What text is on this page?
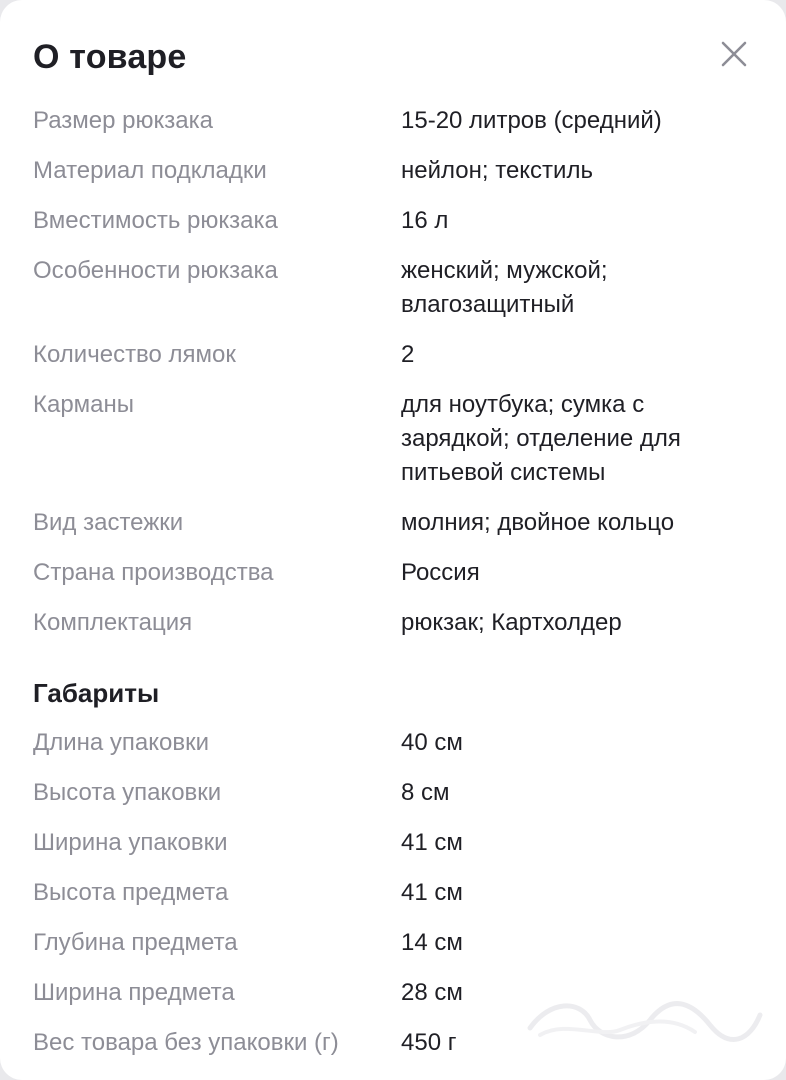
О товаре
Размер рюкзака	15-20 литров (средний)
Материал подкладки	нейлон; текстиль
Вместимость рюкзака	16 л
Особенности рюкзака	женский; мужской; влагозащитный
Количество лямок	2
Карманы	для ноутбука; сумка с зарядкой; отделение для питьевой системы
Вид застежки	молния; двойное кольцо
Страна производства	Россия
Комплектация	рюкзак; Картхолдер
Габариты
Длина упаковки	40 см
Высота упаковки	8 см
Ширина упаковки	41 см
Высота предмета	41 см
Глубина предмета	14 см
Ширина предмета	28 см
Вес товара без упаковки (г)	450 г
